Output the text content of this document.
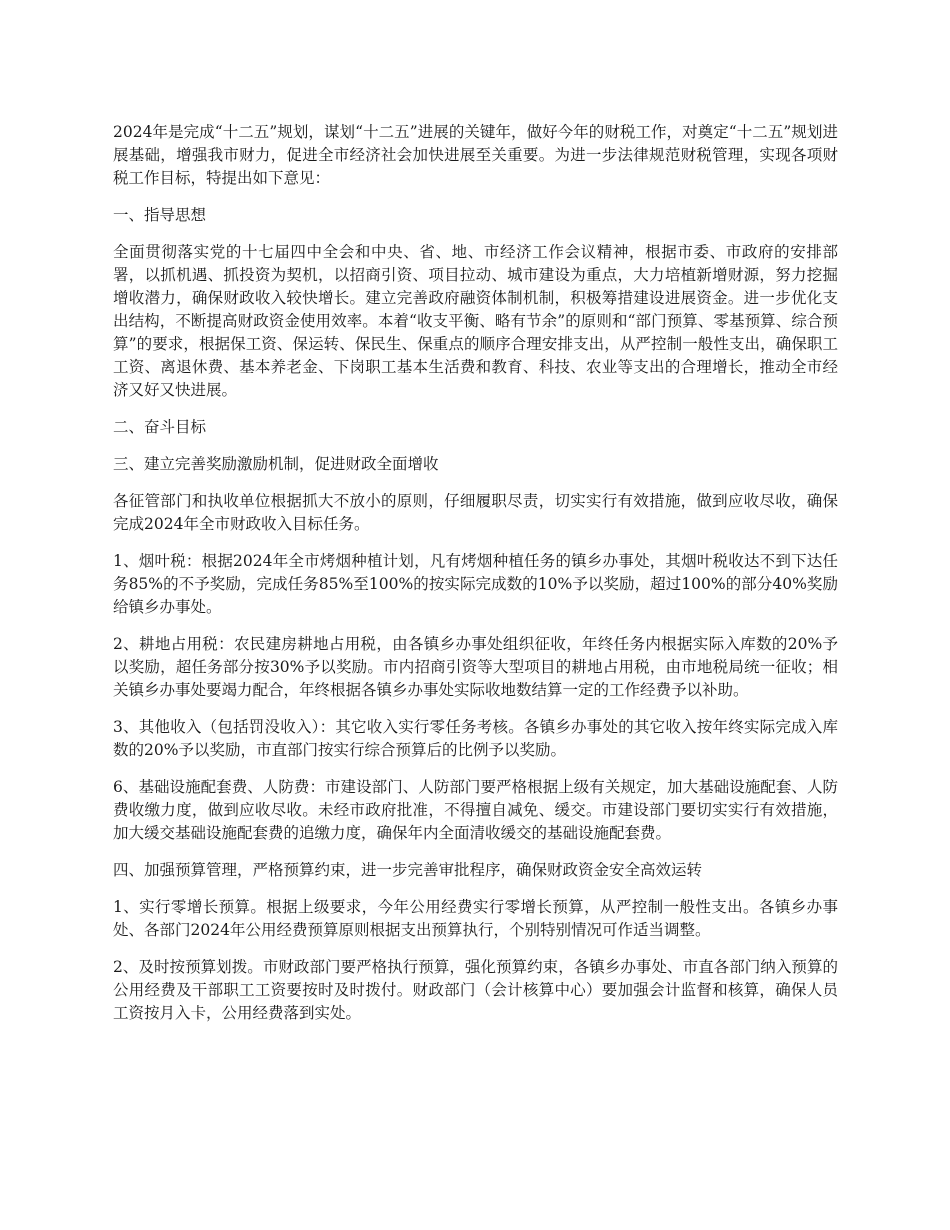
2024年是完成“十二五”规划，谋划“十二五”进展的关键年，做好今年的财税工作，对奠定“十二五”规划进展基础，增强我市财力，促进全市经济社会加快进展至关重要。为进一步法律规范财税管理，实现各项财税工作目标，特提出如下意见：

一、指导思想

全面贯彻落实党的十七届四中全会和中央、省、地、市经济工作会议精神，根据市委、市政府的安排部署，以抓机遇、抓投资为契机，以招商引资、项目拉动、城市建设为重点，大力培植新增财源，努力挖掘增收潜力，确保财政收入较快增长。建立完善政府融资体制机制，积极筹措建设进展资金。进一步优化支出结构，不断提高财政资金使用效率。本着“收支平衡、略有节余”的原则和“部门预算、零基预算、综合预算”的要求，根据保工资、保运转、保民生、保重点的顺序合理安排支出，从严控制一般性支出，确保职工工资、离退休费、基本养老金、下岗职工基本生活费和教育、科技、农业等支出的合理增长，推动全市经济又好又快进展。

二、奋斗目标

三、建立完善奖励激励机制，促进财政全面增收

各征管部门和执收单位根据抓大不放小的原则，仔细履职尽责，切实实行有效措施，做到应收尽收，确保完成2024年全市财政收入目标任务。

1、烟叶税：根据2024年全市烤烟种植计划，凡有烤烟种植任务的镇乡办事处，其烟叶税收达不到下达任务85%的不予奖励，完成任务85%至100%的按实际完成数的10%予以奖励，超过100%的部分40%奖励给镇乡办事处。

2、耕地占用税：农民建房耕地占用税，由各镇乡办事处组织征收，年终任务内根据实际入库数的20%予以奖励，超任务部分按30%予以奖励。市内招商引资等大型项目的耕地占用税，由市地税局统一征收；相关镇乡办事处要竭力配合，年终根据各镇乡办事处实际收地数结算一定的工作经费予以补助。

3、其他收入（包括罚没收入）：其它收入实行零任务考核。各镇乡办事处的其它收入按年终实际完成入库数的20%予以奖励，市直部门按实行综合预算后的比例予以奖励。

6、基础设施配套费、人防费：市建设部门、人防部门要严格根据上级有关规定，加大基础设施配套、人防费收缴力度，做到应收尽收。未经市政府批准，不得擅自减免、缓交。市建设部门要切实实行有效措施，加大缓交基础设施配套费的追缴力度，确保年内全面清收缓交的基础设施配套费。

四、加强预算管理，严格预算约束，进一步完善审批程序，确保财政资金安全高效运转

1、实行零增长预算。根据上级要求，今年公用经费实行零增长预算，从严控制一般性支出。各镇乡办事处、各部门2024年公用经费预算原则根据支出预算执行，个别特别情况可作适当调整。

2、及时按预算划拨。市财政部门要严格执行预算，强化预算约束，各镇乡办事处、市直各部门纳入预算的公用经费及干部职工工资要按时及时拨付。财政部门（会计核算中心）要加强会计监督和核算，确保人员工资按月入卡，公用经费落到实处。
